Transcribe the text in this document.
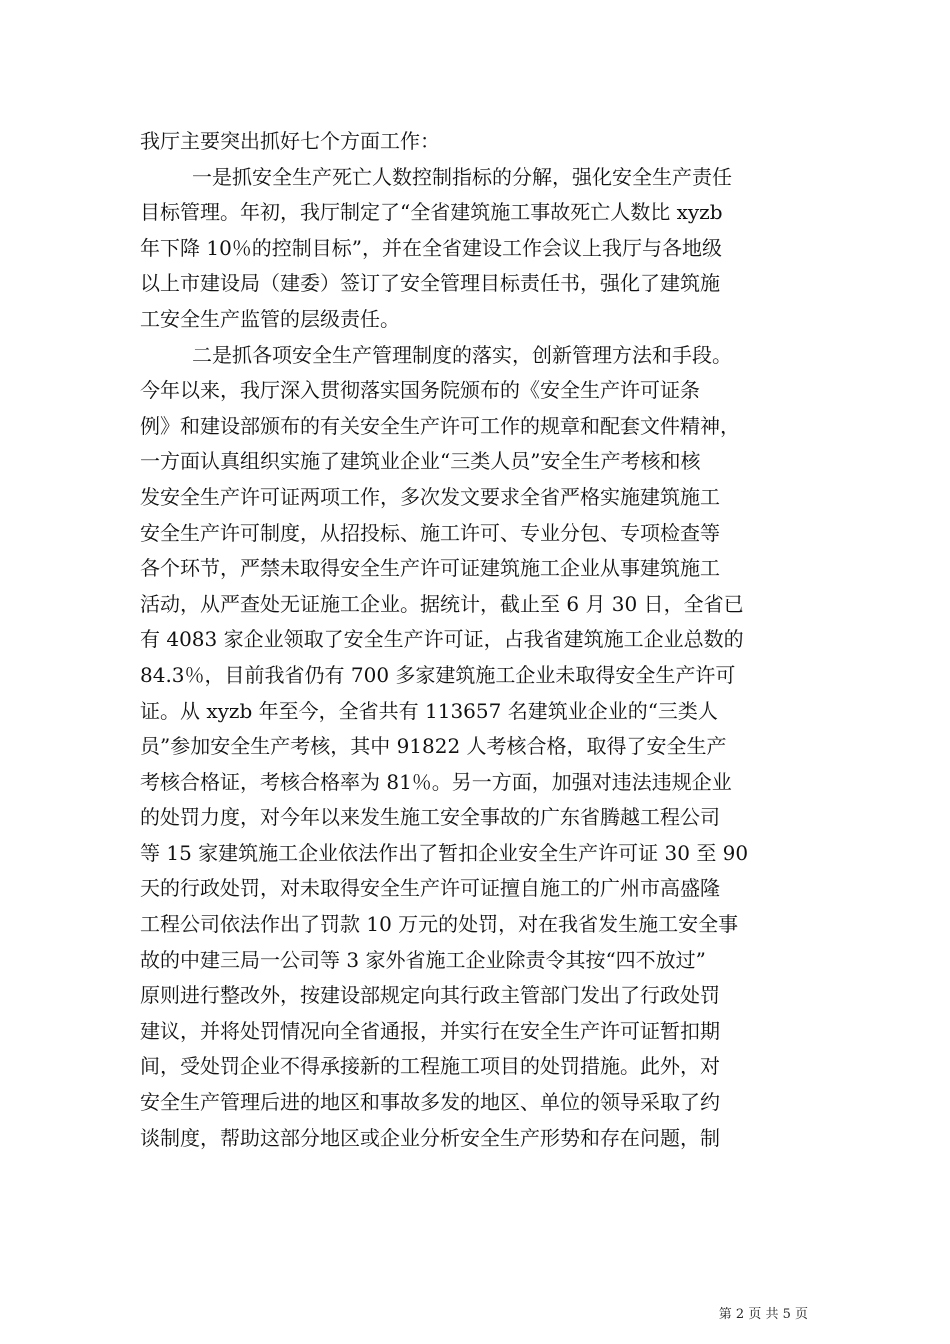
我厅主要突出抓好七个方面工作：
一是抓安全生产死亡人数控制指标的分解，强化安全生产责任
目标管理。年初，我厅制定了“全省建筑施工事故死亡人数比 xyzb
年下降 10％的控制目标”，并在全省建设工作会议上我厅与各地级
以上市建设局（建委）签订了安全管理目标责任书，强化了建筑施
工安全生产监管的层级责任。
二是抓各项安全生产管理制度的落实，创新管理方法和手段。
今年以来，我厅深入贯彻落实国务院颁布的《安全生产许可证条
例》和建设部颁布的有关安全生产许可工作的规章和配套文件精神，
一方面认真组织实施了建筑业企业“三类人员”安全生产考核和核
发安全生产许可证两项工作，多次发文要求全省严格实施建筑施工
安全生产许可制度，从招投标、施工许可、专业分包、专项检查等
各个环节，严禁未取得安全生产许可证建筑施工企业从事建筑施工
活动，从严查处无证施工企业。据统计，截止至 6 月 30 日，全省已
有 4083 家企业领取了安全生产许可证，占我省建筑施工企业总数的
84.3％，目前我省仍有 700 多家建筑施工企业未取得安全生产许可
证。从 xyzb 年至今，全省共有 113657 名建筑业企业的“三类人
员”参加安全生产考核，其中 91822 人考核合格，取得了安全生产
考核合格证，考核合格率为 81％。另一方面，加强对违法违规企业
的处罚力度，对今年以来发生施工安全事故的广东省腾越工程公司
等 15 家建筑施工企业依法作出了暂扣企业安全生产许可证 30 至 90
天的行政处罚，对未取得安全生产许可证擅自施工的广州市高盛隆
工程公司依法作出了罚款 10 万元的处罚，对在我省发生施工安全事
故的中建三局一公司等 3 家外省施工企业除责令其按“四不放过”
原则进行整改外，按建设部规定向其行政主管部门发出了行政处罚
建议，并将处罚情况向全省通报，并实行在安全生产许可证暂扣期
间，受处罚企业不得承接新的工程施工项目的处罚措施。此外，对
安全生产管理后进的地区和事故多发的地区、单位的领导采取了约
谈制度，帮助这部分地区或企业分析安全生产形势和存在问题，制
第 2 页 共 5 页
